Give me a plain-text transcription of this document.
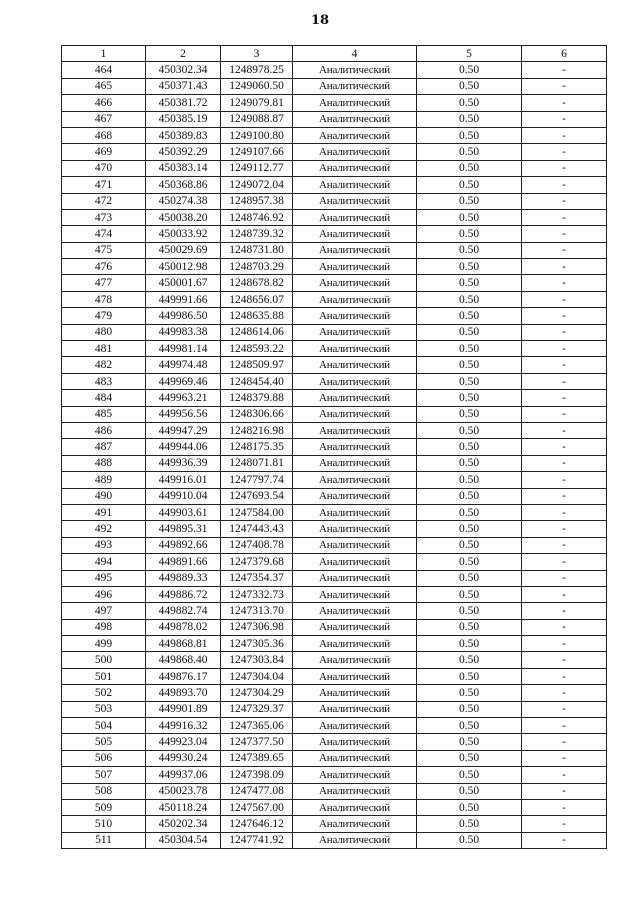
18
1	2	3	4	5	6
464	450302.34	1248978.25	Аналитический	0.50	-
465	450371.43	1249060.50	Аналитический	0.50	-
466	450381.72	1249079.81	Аналитический	0.50	-
467	450385.19	1249088.87	Аналитический	0.50	-
468	450389.83	1249100.80	Аналитический	0.50	-
469	450392.29	1249107.66	Аналитический	0.50	-
470	450383.14	1249112.77	Аналитический	0.50	-
471	450368.86	1249072.04	Аналитический	0.50	-
472	450274.38	1248957.38	Аналитический	0.50	-
473	450038.20	1248746.92	Аналитический	0.50	-
474	450033.92	1248739.32	Аналитический	0.50	-
475	450029.69	1248731.80	Аналитический	0.50	-
476	450012.98	1248703.29	Аналитический	0.50	-
477	450001.67	1248678.82	Аналитический	0.50	-
478	449991.66	1248656.07	Аналитический	0.50	-
479	449986.50	1248635.88	Аналитический	0.50	-
480	449983.38	1248614.06	Аналитический	0.50	-
481	449981.14	1248593.22	Аналитический	0.50	-
482	449974.48	1248509.97	Аналитический	0.50	-
483	449969.46	1248454.40	Аналитический	0.50	-
484	449963.21	1248379.88	Аналитический	0.50	-
485	449956.56	1248306.66	Аналитический	0.50	-
486	449947.29	1248216.98	Аналитический	0.50	-
487	449944.06	1248175.35	Аналитический	0.50	-
488	449936.39	1248071.81	Аналитический	0.50	-
489	449916.01	1247797.74	Аналитический	0.50	-
490	449910.04	1247693.54	Аналитический	0.50	-
491	449903.61	1247584.00	Аналитический	0.50	-
492	449895.31	1247443.43	Аналитический	0.50	-
493	449892.66	1247408.78	Аналитический	0.50	-
494	449891.66	1247379.68	Аналитический	0.50	-
495	449889.33	1247354.37	Аналитический	0.50	-
496	449886.72	1247332.73	Аналитический	0.50	-
497	449882.74	1247313.70	Аналитический	0.50	-
498	449878.02	1247306.98	Аналитический	0.50	-
499	449868.81	1247305.36	Аналитический	0.50	-
500	449868.40	1247303.84	Аналитический	0.50	-
501	449876.17	1247304.04	Аналитический	0.50	-
502	449893.70	1247304.29	Аналитический	0.50	-
503	449901.89	1247329.37	Аналитический	0.50	-
504	449916.32	1247365.06	Аналитический	0.50	-
505	449923.04	1247377.50	Аналитический	0.50	-
506	449930.24	1247389.65	Аналитический	0.50	-
507	449937.06	1247398.09	Аналитический	0.50	-
508	450023.78	1247477.08	Аналитический	0.50	-
509	450118.24	1247567.00	Аналитический	0.50	-
510	450202.34	1247646.12	Аналитический	0.50	-
511	450304.54	1247741.92	Аналитический	0.50	-
